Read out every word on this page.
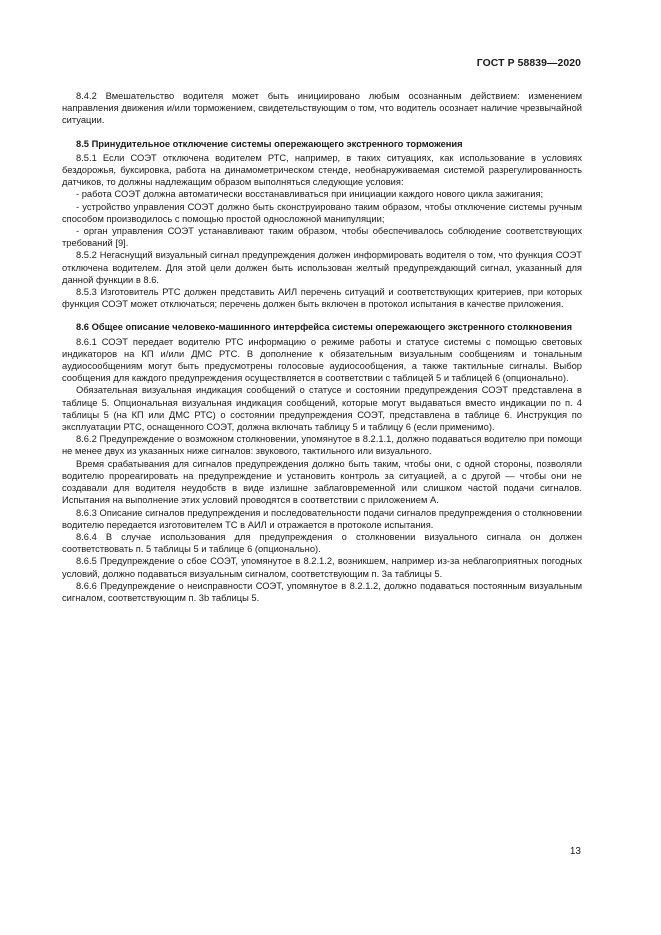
ГОСТ Р 58839—2020

8.4.2 Вмешательство водителя может быть инициировано любым осознанным действием: изменением направления движения и/или торможением, свидетельствующим о том, что водитель осознает наличие чрезвычайной ситуации.

8.5 Принудительное отключение системы опережающего экстренного торможения

8.5.1 Если СОЭТ отключена водителем РТС, например, в таких ситуациях, как использование в условиях бездорожья, буксировка, работа на динамометрическом стенде, необнаруживаемая системой разрегулированность датчиков, то должны надлежащим образом выполняться следующие условия:

- работа СОЭТ должна автоматически восстанавливаться при инициации каждого нового цикла зажигания;

- устройство управления СОЭТ должно быть сконструировано таким образом, чтобы отключение системы ручным способом производилось с помощью простой односложной манипуляции;

- орган управления СОЭТ устанавливают таким образом, чтобы обеспечивалось соблюдение соответствующих требований [9].

8.5.2 Негаснущий визуальный сигнал предупреждения должен информировать водителя о том, что функция СОЭТ отключена водителем. Для этой цели должен быть использован желтый предупреждающий сигнал, указанный для данной функции в 8.6.

8.5.3 Изготовитель РТС должен представить АИЛ перечень ситуаций и соответствующих критериев, при которых функция СОЭТ может отключаться; перечень должен быть включен в протокол испытания в качестве приложения.

8.6 Общее описание человеко-машинного интерфейса системы опережающего экстренного столкновения

8.6.1 СОЭТ передает водителю РТС информацию о режиме работы и статусе системы с помощью световых индикаторов на КП и/или ДМС РТС. В дополнение к обязательным визуальным сообщениям и тональным аудиосообщениям могут быть предусмотрены голосовые аудиосообщения, а также тактильные сигналы. Выбор сообщения для каждого предупреждения осуществляется в соответствии с таблицей 5 и таблицей 6 (опционально).

Обязательная визуальная индикация сообщений о статусе и состоянии предупреждения СОЭТ представлена в таблице 5. Опциональная визуальная индикация сообщений, которые могут выдаваться вместо индикации по п. 4 таблицы 5 (на КП или ДМС РТС) о состоянии предупреждения СОЭТ, представлена в таблице 6. Инструкция по эксплуатации РТС, оснащенного СОЭТ, должна включать таблицу 5 и таблицу 6 (если применимо).

8.6.2 Предупреждение о возможном столкновении, упомянутое в 8.2.1.1, должно подаваться водителю при помощи не менее двух из указанных ниже сигналов: звукового, тактильного или визуального.

Время срабатывания для сигналов предупреждения должно быть таким, чтобы они, с одной стороны, позволяли водителю прореагировать на предупреждение и установить контроль за ситуацией, а с другой — чтобы они не создавали для водителя неудобств в виде излишне заблаговременной или слишком частой подачи сигналов. Испытания на выполнение этих условий проводятся в соответствии с приложением А.

8.6.3 Описание сигналов предупреждения и последовательности подачи сигналов предупреждения о столкновении водителю передается изготовителем ТС в АИЛ и отражается в протоколе испытания.

8.6.4 В случае использования для предупреждения о столкновении визуального сигнала он должен соответствовать п. 5 таблицы 5 и таблице 6 (опционально).

8.6.5 Предупреждение о сбое СОЭТ, упомянутое в 8.2.1.2, возникшем, например из-за неблагоприятных погодных условий, должно подаваться визуальным сигналом, соответствующим п. 3а таблицы 5.

8.6.6 Предупреждение о неисправности СОЭТ, упомянутое в 8.2.1.2, должно подаваться постоянным визуальным сигналом, соответствующим п. 3b таблицы 5.

13
